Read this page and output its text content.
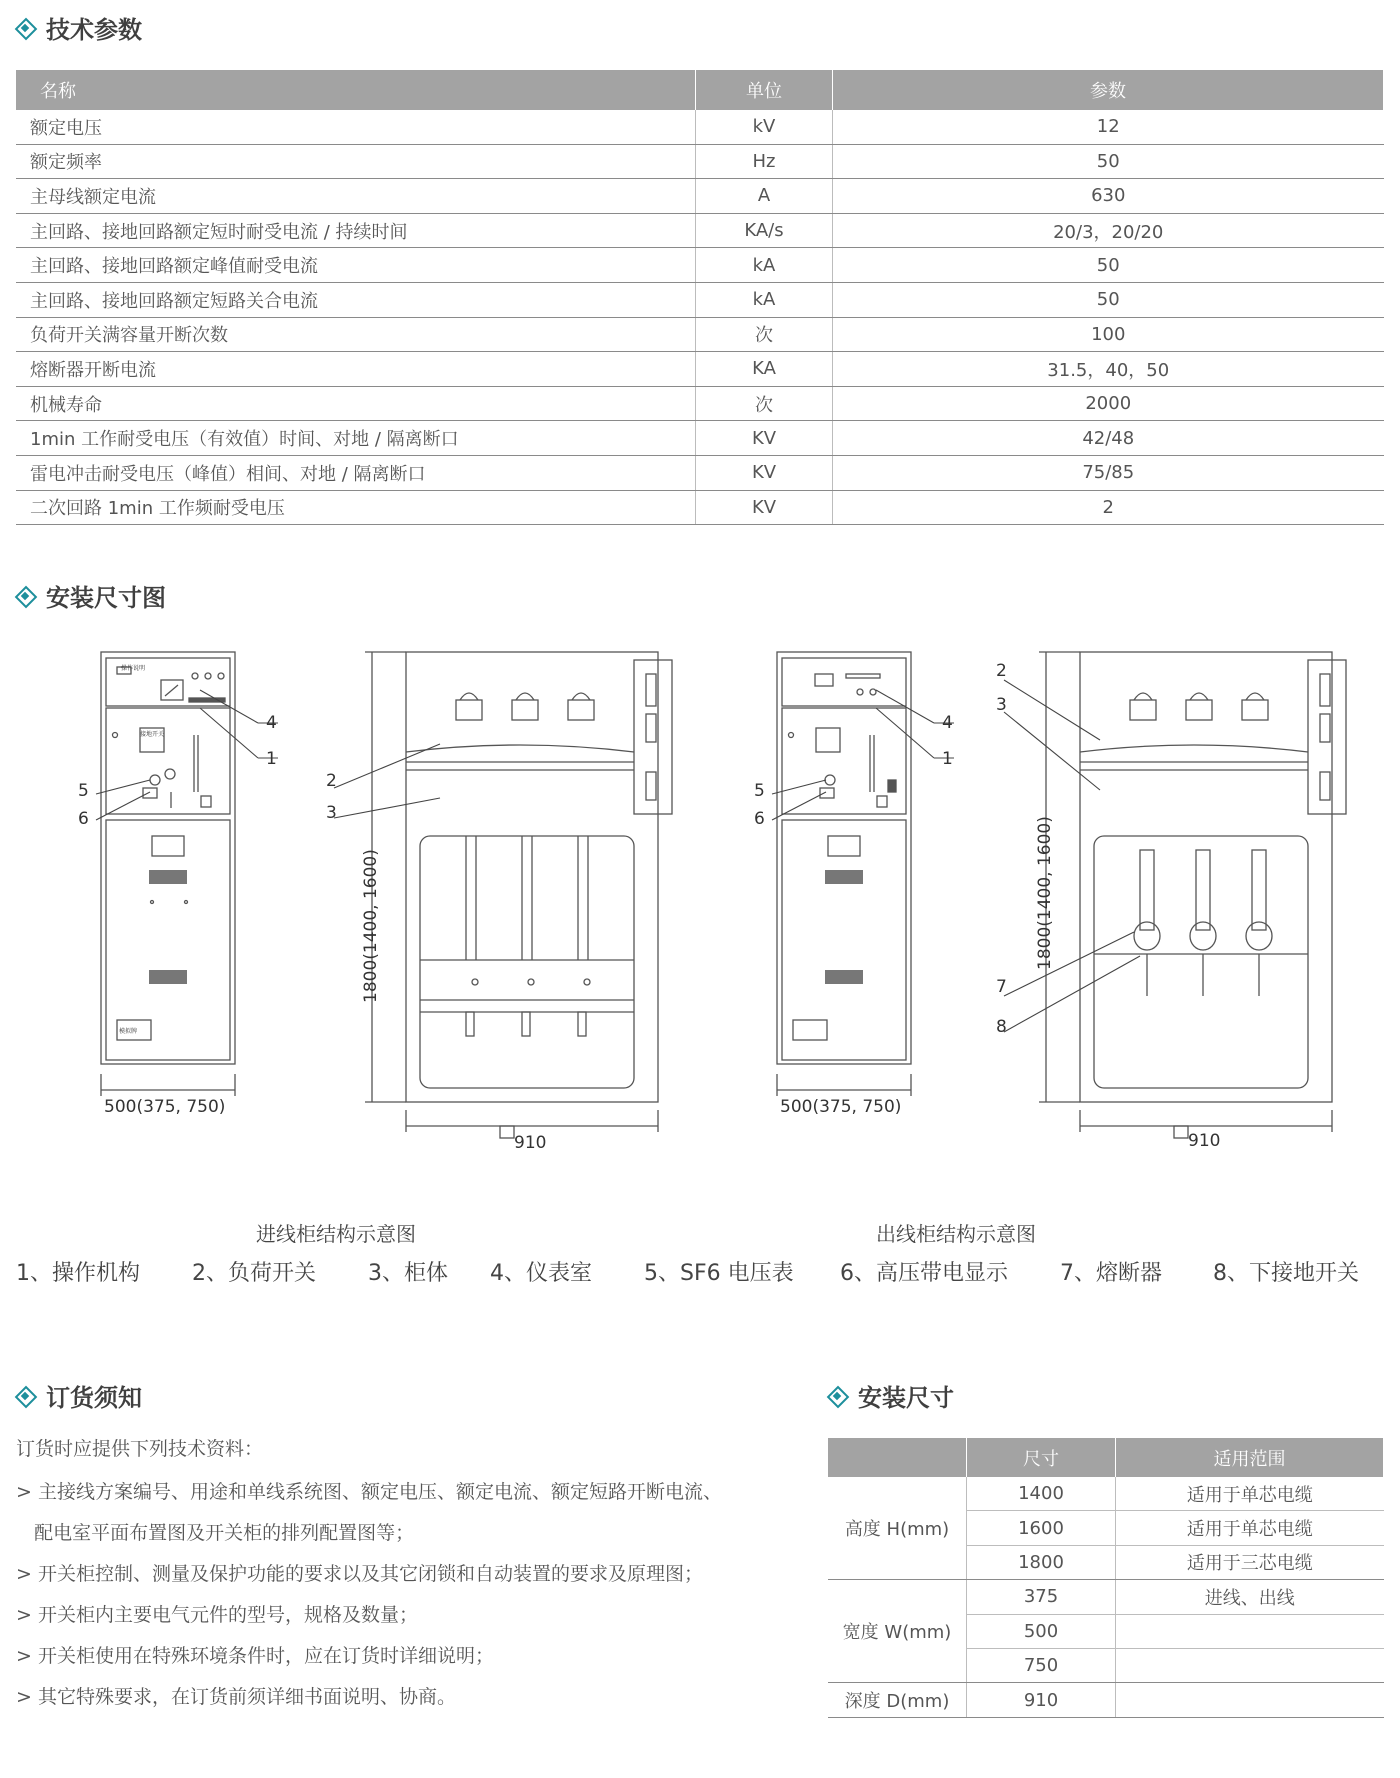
技术参数
名称	单位	参数
额定电压	kV	12
额定频率	Hz	50
主母线额定电流	A	630
主回路、接地回路额定短时耐受电流 / 持续时间	KA/s	20/3，20/20
主回路、接地回路额定峰值耐受电流	kA	50
主回路、接地回路额定短路关合电流	kA	50
负荷开关满容量开断次数	次	100
熔断器开断电流	KA	31.5，40，50
机械寿命	次	2000
1min 工作耐受电压（有效值）时间、对地 / 隔离断口	KV	42/48
雷电冲击耐受电压（峰值）相间、对地 / 隔离断口	KV	75/85
二次回路 1min 工作频耐受电压	KV	2
安装尺寸图
操作说明
接地开关
模拟牌
500(375, 750)
910
500(375, 750)
910
1800(1400, 1600)	1800(1400, 1600)
4
1
5
6
2
3
4
1
5
6
2
3
7
8
进线柜结构示意图	出线柜结构示意图
1、操作机构 2、负荷开关 3、柜体 4、仪表室 5、SF6 电压表 6、高压带电显示 7、熔断器 8、下接地开关
订货须知
订货时应提供下列技术资料：
> 主接线方案编号、用途和单线系统图、额定电压、额定电流、额定短路开断电流、
配电室平面布置图及开关柜的排列配置图等；
> 开关柜控制、测量及保护功能的要求以及其它闭锁和自动装置的要求及原理图；
> 开关柜内主要电气元件的型号，规格及数量；
> 开关柜使用在特殊环境条件时，应在订货时详细说明；
> 其它特殊要求，在订货前须详细书面说明、协商。
安装尺寸
	尺寸	适用范围
高度 H(mm)	1400	适用于单芯电缆
	1600	适用于单芯电缆
	1800	适用于三芯电缆
宽度 W(mm)	375	进线、出线
	500	
	750	
深度 D(mm)	910	
